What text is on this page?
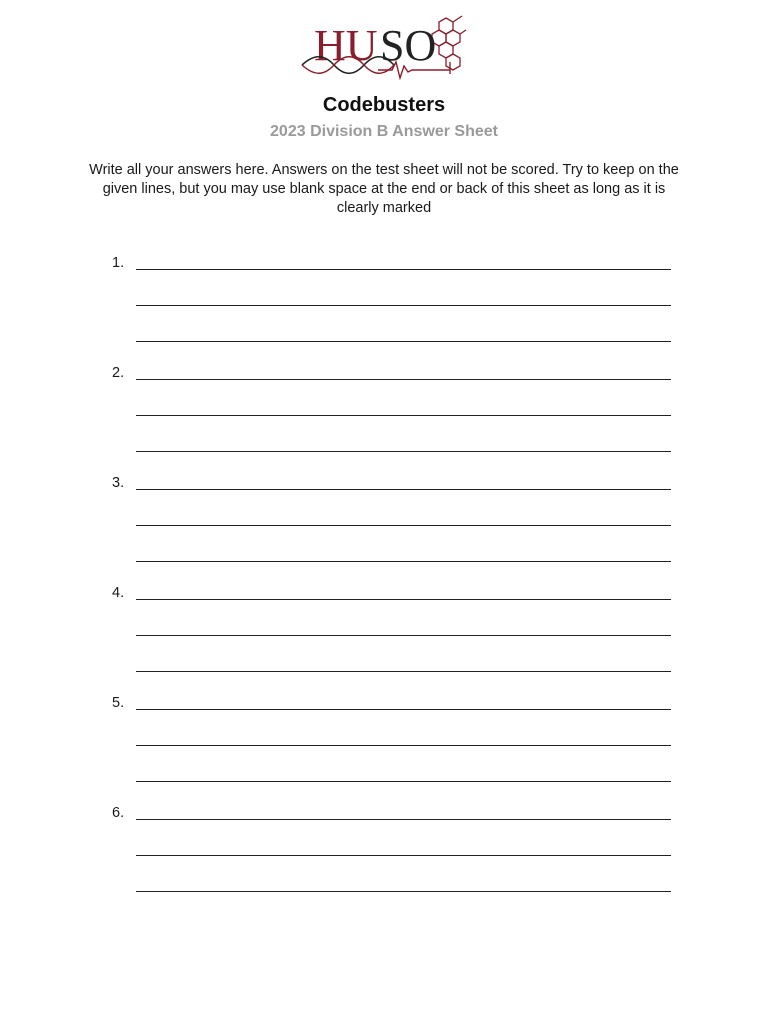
HU SO
Codebusters
2023 Division B Answer Sheet
Write all your answers here. Answers on the test sheet will not be scored. Try to keep on the given lines, but you may use blank space at the end or back of this sheet as long as it is clearly marked
1.
2.
3.
4.
5.
6.
